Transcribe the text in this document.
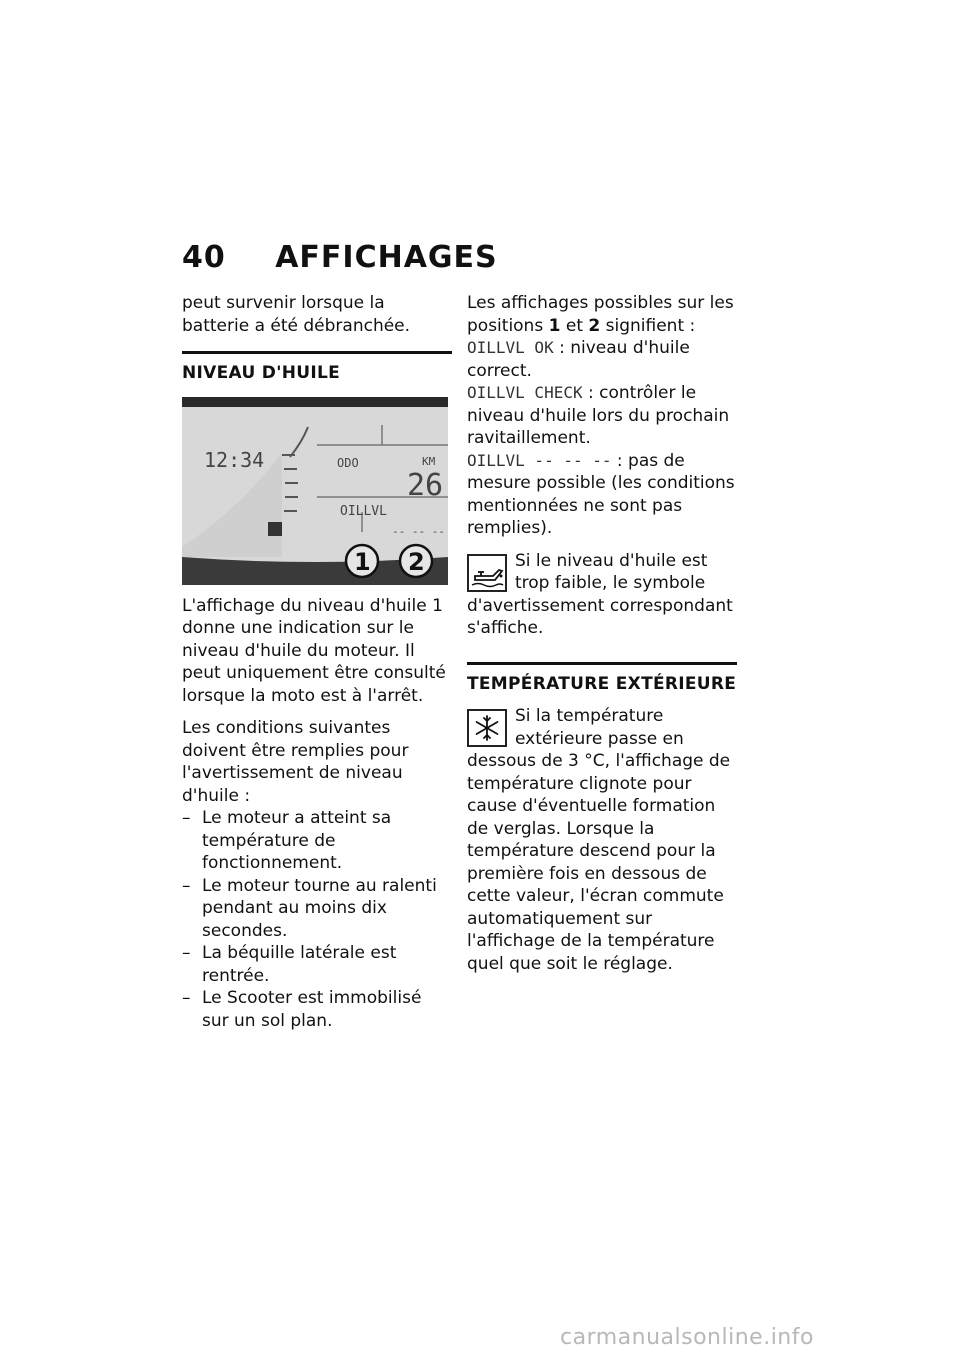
40 AFFICHAGES

peut survenir lorsque la batterie a été débranchée.

NIVEAU D'HUILE
12:34	ODO	KM
26
OILLVL
-- -- --
1 2

L'affichage du niveau d'huile 1 donne une indication sur le niveau d'huile du moteur. Il peut uniquement être consulté lorsque la moto est à l'arrêt.

Les conditions suivantes doivent être remplies pour l'avertissement de niveau d'huile :

– Le moteur a atteint sa température de fonctionnement.
– Le moteur tourne au ralenti pendant au moins dix secondes.
– La béquille latérale est rentrée.
– Le Scooter est immobilisé sur un sol plan.

Les affichages possibles sur les positions 1 et 2 signifient :

OILLVL OK : niveau d'huile correct.

OILLVL CHECK : contrôler le niveau d'huile lors du prochain ravitaillement.

OILLVL -- -- -- : pas de mesure possible (les conditions mentionnées ne sont pas remplies).

Si le niveau d'huile est trop faible, le symbole d'avertissement correspondant s'affiche.

TEMPÉRATURE EXTÉRIEURE

Si la température extérieure passe en dessous de 3 °C, l'affichage de température clignote pour cause d'éventuelle formation de verglas. Lorsque la température descend pour la première fois en dessous de cette valeur, l'écran commute automatiquement sur l'affichage de la température quel que soit le réglage.

carmanualsonline.info
